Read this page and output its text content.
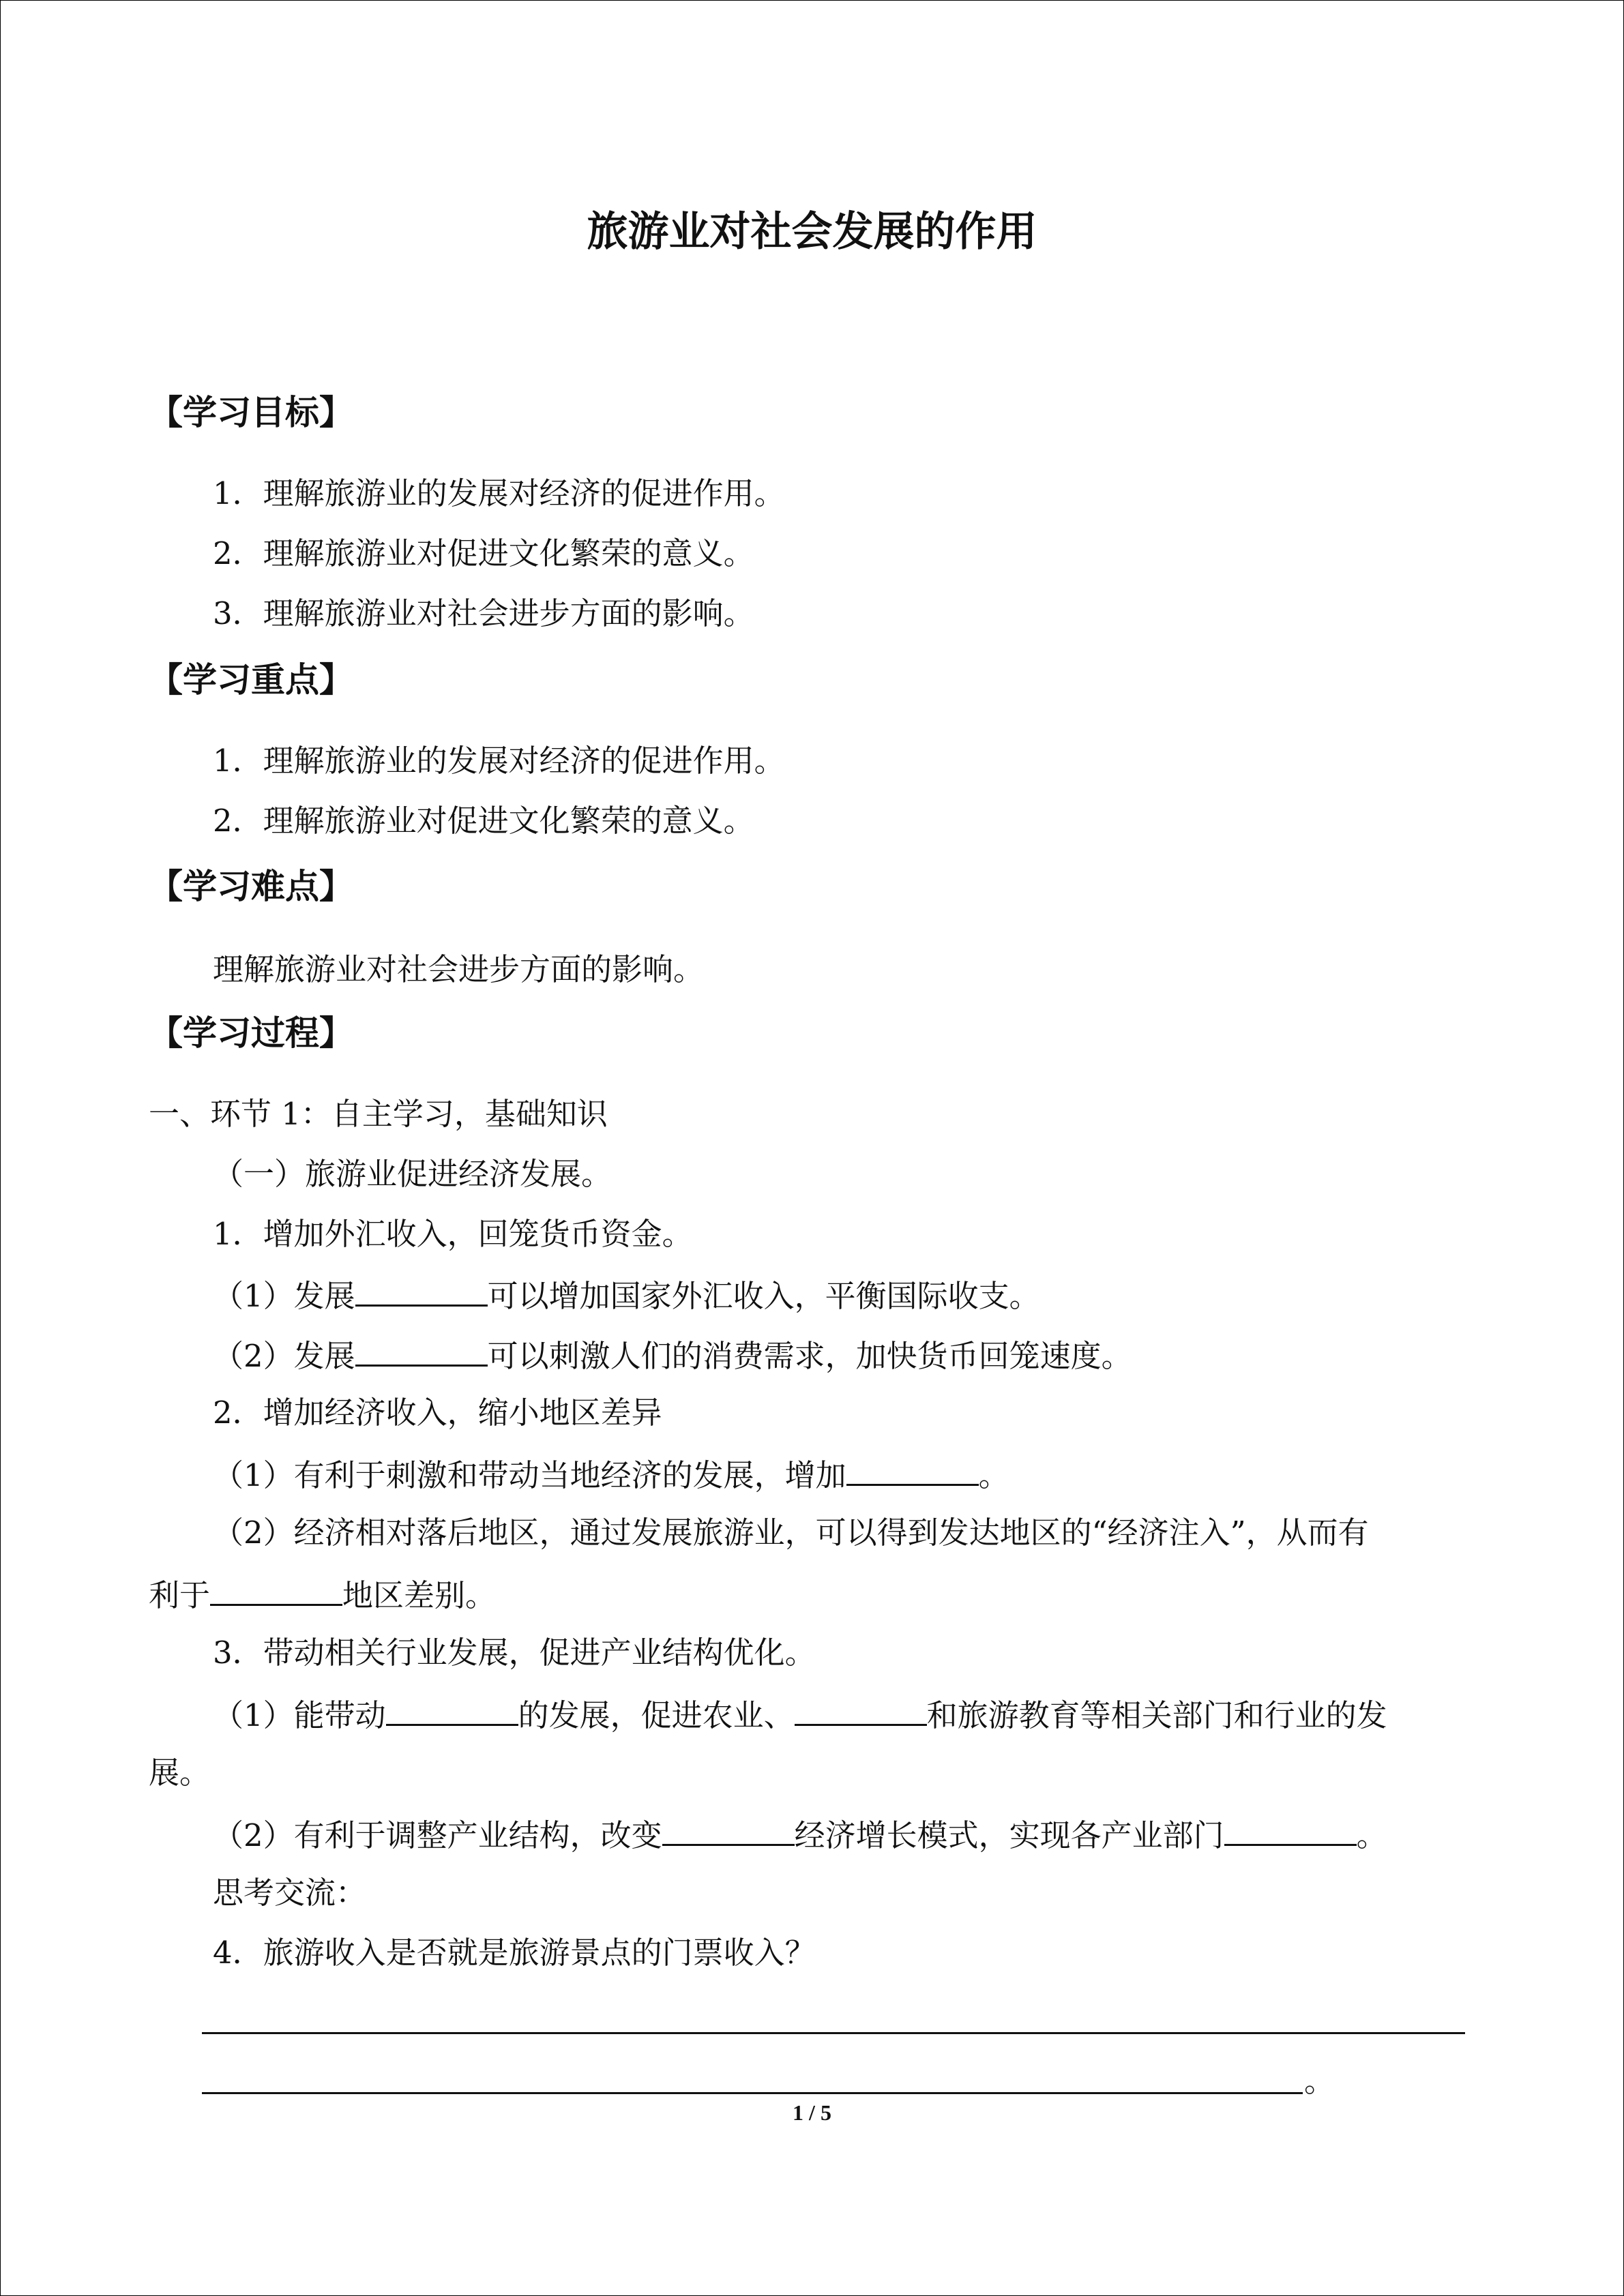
旅游业对社会发展的作用
【学习目标】
1．理解旅游业的发展对经济的促进作用。
2．理解旅游业对促进文化繁荣的意义。
3．理解旅游业对社会进步方面的影响。
【学习重点】
1．理解旅游业的发展对经济的促进作用。
2．理解旅游业对促进文化繁荣的意义。
【学习难点】
理解旅游业对社会进步方面的影响。
【学习过程】
一、环节 1：自主学习，基础知识
（一）旅游业促进经济发展。
1．增加外汇收入，回笼货币资金。
（1）发展	可以增加国家外汇收入，平衡国际收支。
（2）发展	可以刺激人们的消费需求，加快货币回笼速度。
2．增加经济收入，缩小地区差异
（1）有利于刺激和带动当地经济的发展，增加	。
（2）经济相对落后地区，通过发展旅游业，可以得到发达地区的“经济注入”，从而有
利于	地区差别。
3．带动相关行业发展，促进产业结构优化。
（1）能带动	的发展，促进农业、	和旅游教育等相关部门和行业的发
展。
（2）有利于调整产业结构，改变	经济增长模式，实现各产业部门	。
思考交流：
4．旅游收入是否就是旅游景点的门票收入？
。
1 / 5
